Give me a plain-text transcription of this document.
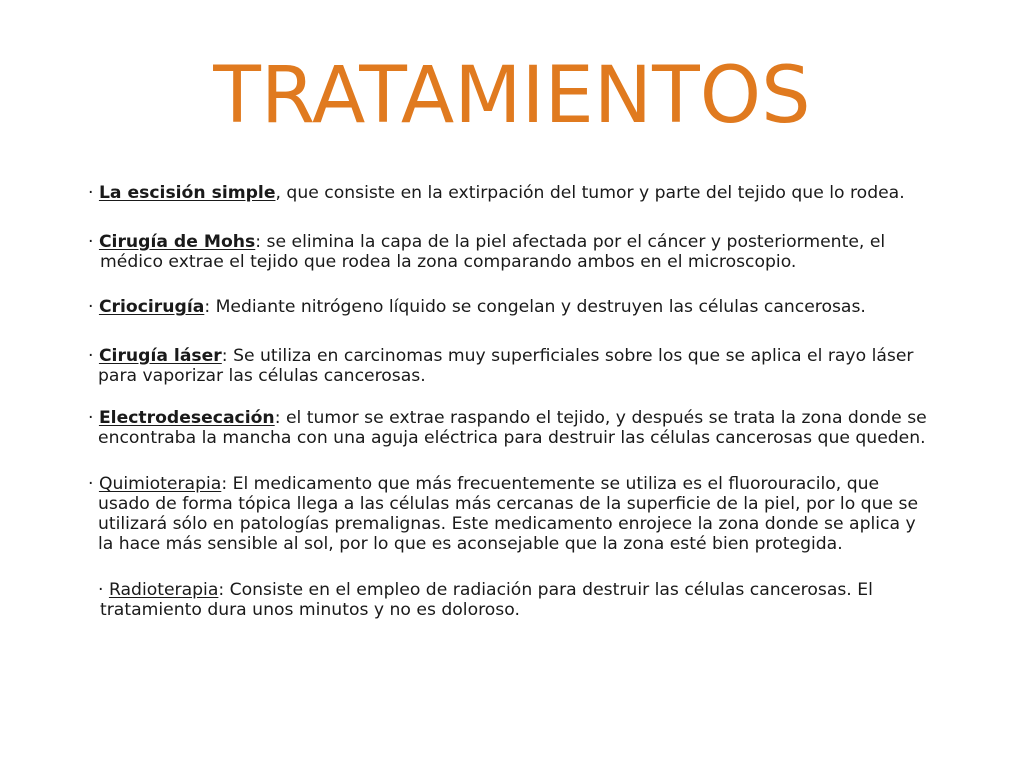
TRATAMIENTOS

· La escisión simple, que consiste en la extirpación del tumor y parte del tejido que lo rodea.

· Cirugía de Mohs: se elimina la capa de la piel afectada por el cáncer y posteriormente, el
médico extrae el tejido que rodea la zona comparando ambos en el microscopio.

· Criocirugía: Mediante nitrógeno líquido se congelan y destruyen las células cancerosas.

· Cirugía láser: Se utiliza en carcinomas muy superficiales sobre los que se aplica el rayo láser
para vaporizar las células cancerosas.

· Electrodesecación: el tumor se extrae raspando el tejido, y después se trata la zona donde se
encontraba la mancha con una aguja eléctrica para destruir las células cancerosas que queden.

· Quimioterapia: El medicamento que más frecuentemente se utiliza es el fluorouracilo, que
usado de forma tópica llega a las células más cercanas de la superficie de la piel, por lo que se
utilizará sólo en patologías premalignas. Este medicamento enrojece la zona donde se aplica y
la hace más sensible al sol, por lo que es aconsejable que la zona esté bien protegida.

· Radioterapia: Consiste en el empleo de radiación para destruir las células cancerosas. El
tratamiento dura unos minutos y no es doloroso.
